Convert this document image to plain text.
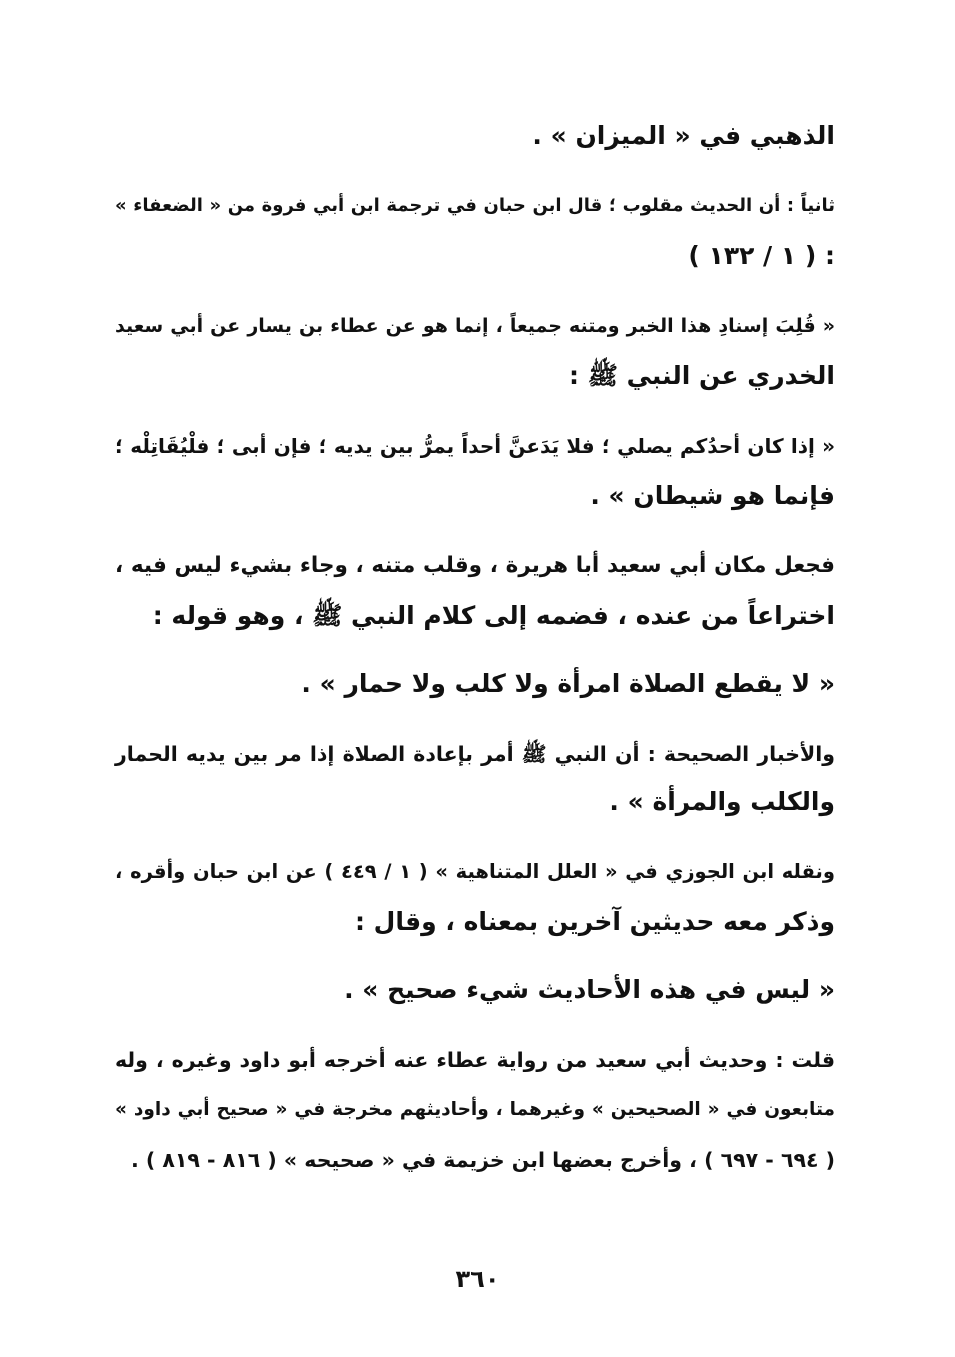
الذهبي في « الميزان » .
ثانياً : أن الحديث مقلوب ؛ قال ابن حبان في ترجمة ابن أبي فروة من « الضعفاء »
( ١ / ١٣٢ ) :
« قُلِبَ إسنادِ هذا الخبر ومتنه جميعاً ، إنما هو عن عطاء بن يسار عن أبي سعيد
الخدري عن النبي ﷺ :
« إذا كان أحدُكم يصلي ؛ فلا يَدَعنَّ أحداً يمرُّ بين يديه ؛ فإن أبى ؛ فلْيُقَاتِلْه ؛
فإنما هو شيطان » .
فجعل مكان أبي سعيد أبا هريرة ، وقلب متنه ، وجاء بشيء ليس فيه ،
اختراعاً من عنده ، فضمه إلى كلام النبي ﷺ ، وهو قوله :
« لا يقطع الصلاة امرأة ولا كلب ولا حمار » .
والأخبار الصحيحة : أن النبي ﷺ أمر بإعادة الصلاة إذا مر بين يديه الحمار
والكلب والمرأة » .
ونقله ابن الجوزي في « العلل المتناهية » ( ١ / ٤٤٩ ) عن ابن حبان وأقره ،
وذكر معه حديثين آخرين بمعناه ، وقال :
« ليس في هذه الأحاديث شيء صحيح » .
قلت : وحديث أبي سعيد من رواية عطاء عنه أخرجه أبو داود وغيره ، وله
متابعون في « الصحيحين » وغيرهما ، وأحاديثهم مخرجة في « صحيح أبي داود »
( ٦٩٤ - ٦٩٧ ) ، وأخرج بعضها ابن خزيمة في « صحيحه » ( ٨١٦ - ٨١٩ ) .
٣٦٠
